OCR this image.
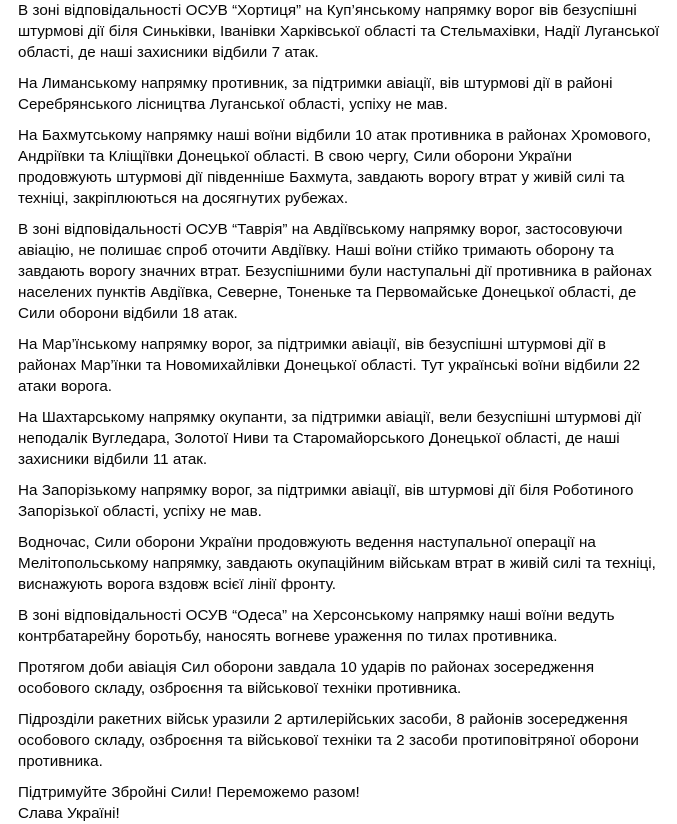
В зоні відповідальності ОСУВ “Хортиця” на Куп’янському напрямку ворог вів безуспішні штурмові дії біля Синьківки, Іванівки Харківської області та Стельмахівки, Надії Луганської області, де наші захисники відбили 7 атак.

На Лиманському напрямку противник, за підтримки авіації, вів штурмові дії в районі Серебрянського лісництва Луганської області, успіху не мав.

На Бахмутському напрямку наші воїни відбили 10 атак противника в районах Хромового, Андріївки та Кліщіївки Донецької області. В свою чергу, Сили оборони України продовжують штурмові дії південніше Бахмута, завдають ворогу втрат у живій силі та техніці, закріплюються на досягнутих рубежах.

В зоні відповідальності ОСУВ “Таврія” на Авдіївському напрямку ворог, застосовуючи авіацію, не полишає спроб оточити Авдіївку. Наші воїни стійко тримають оборону та завдають ворогу значних втрат. Безуспішними були наступальні дії противника в районах населених пунктів Авдіївка, Северне, Тоненьке та Первомайське Донецької області, де Сили оборони відбили 18 атак.

На Мар’їнському напрямку ворог, за підтримки авіації, вів безуспішні штурмові дії в районах Мар’їнки та Новомихайлівки Донецької області. Тут українські воїни відбили 22 атаки ворога.

На Шахтарському напрямку окупанти, за підтримки авіації, вели безуспішні штурмові дії неподалік Вугледара, Золотої Ниви та Старомайорського Донецької області, де наші захисники відбили 11 атак.

На Запорізькому напрямку ворог, за підтримки авіації, вів штурмові дії біля Роботиного Запорізької області, успіху не мав.

Водночас, Сили оборони України продовжують ведення наступальної операції на Мелітопольському напрямку, завдають окупаційним військам втрат в живій силі та техніці, виснажують ворога вздовж всієї лінії фронту.

В зоні відповідальності ОСУВ “Одеса” на Херсонському напрямку наші воїни ведуть контрбатарейну боротьбу, наносять вогневе ураження по тилах противника.

Протягом доби авіація Сил оборони завдала 10 ударів по районах зосередження особового складу, озброєння та військової техніки противника.

Підрозділи ракетних військ уразили 2 артилерійських засоби, 8 районів зосередження особового складу, озброєння та військової техніки та 2 засоби протиповітряної оборони противника.

Підтримуйте Збройні Сили! Переможемо разом!

Слава Україні!
